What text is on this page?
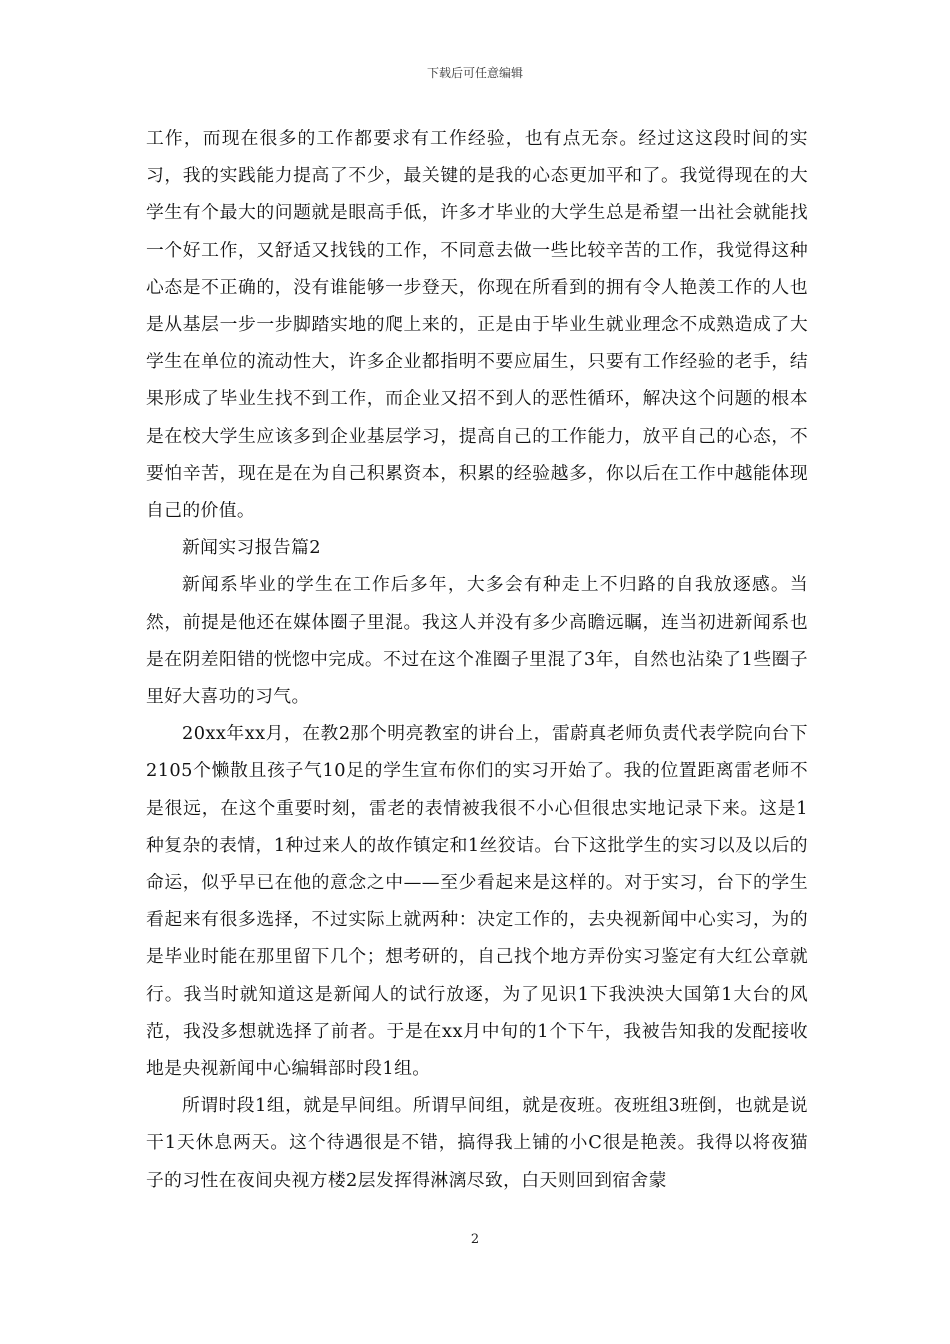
下载后可任意编辑

工作，而现在很多的工作都要求有工作经验，也有点无奈。经过这这段时间的实习，我的实践能力提高了不少，最关键的是我的心态更加平和了。我觉得现在的大学生有个最大的问题就是眼高手低，许多才毕业的大学生总是希望一出社会就能找一个好工作，又舒适又找钱的工作，不同意去做一些比较辛苦的工作，我觉得这种心态是不正确的，没有谁能够一步登天，你现在所看到的拥有令人艳羡工作的人也是从基层一步一步脚踏实地的爬上来的，正是由于毕业生就业理念不成熟造成了大学生在单位的流动性大，许多企业都指明不要应届生，只要有工作经验的老手，结果形成了毕业生找不到工作，而企业又招不到人的恶性循环，解决这个问题的根本是在校大学生应该多到企业基层学习，提高自己的工作能力，放平自己的心态，不要怕辛苦，现在是在为自己积累资本，积累的经验越多，你以后在工作中越能体现自己的价值。

新闻实习报告篇2

新闻系毕业的学生在工作后多年，大多会有种走上不归路的自我放逐感。当然，前提是他还在媒体圈子里混。我这人并没有多少高瞻远瞩，连当初进新闻系也是在阴差阳错的恍惚中完成。不过在这个准圈子里混了3年，自然也沾染了1些圈子里好大喜功的习气。

20xx年xx月，在教2那个明亮教室的讲台上，雷蔚真老师负责代表学院向台下2105个懒散且孩子气10足的学生宣布你们的实习开始了。我的位置距离雷老师不是很远，在这个重要时刻，雷老的表情被我很不小心但很忠实地记录下来。这是1种复杂的表情，1种过来人的故作镇定和1丝狡诘。台下这批学生的实习以及以后的命运，似乎早已在他的意念之中——至少看起来是这样的。对于实习，台下的学生看起来有很多选择，不过实际上就两种：决定工作的，去央视新闻中心实习，为的是毕业时能在那里留下几个；想考研的，自己找个地方弄份实习鉴定有大红公章就行。我当时就知道这是新闻人的试行放逐，为了见识1下我泱泱大国第1大台的风范，我没多想就选择了前者。于是在xx月中旬的1个下午，我被告知我的发配接收地是央视新闻中心编辑部时段1组。

所谓时段1组，就是早间组。所谓早间组，就是夜班。夜班组3班倒，也就是说干1天休息两天。这个待遇很是不错，搞得我上铺的小C很是艳羡。我得以将夜猫子的习性在夜间央视方楼2层发挥得淋漓尽致，白天则回到宿舍蒙

2
